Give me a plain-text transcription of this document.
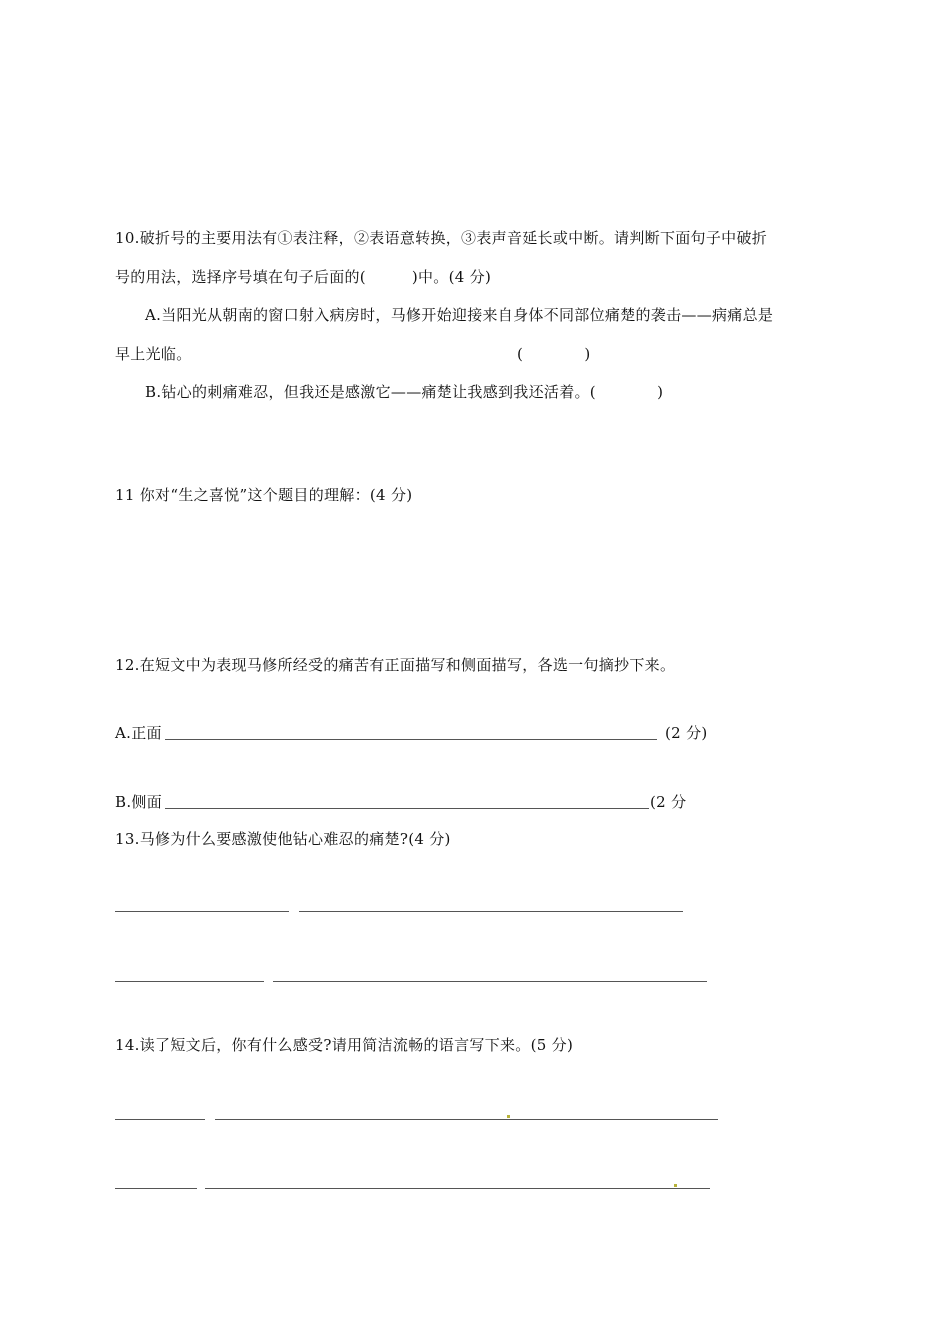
10.破折号的主要用法有①表注释，②表语意转换，③表声音延长或中断。请判断下面句子中破折
号的用法，选择序号填在句子后面的(　　　)中。(4 分)
A.当阳光从朝南的窗口射入病房时，马修开始迎接来自身体不同部位痛楚的袭击——病痛总是
早上光临。	(　　　　)
B.钻心的刺痛难忍，但我还是感激它——痛楚让我感到我还活着。(　　　　)
11 你对“生之喜悦”这个题目的理解：(4 分)
12.在短文中为表现马修所经受的痛苦有正面描写和侧面描写，各选一句摘抄下来。
A.正面	(2 分)
B.侧面	(2 分
13.马修为什么要感激使他钻心难忍的痛楚?(4 分)
14.读了短文后，你有什么感受?请用简洁流畅的语言写下来。(5 分)
